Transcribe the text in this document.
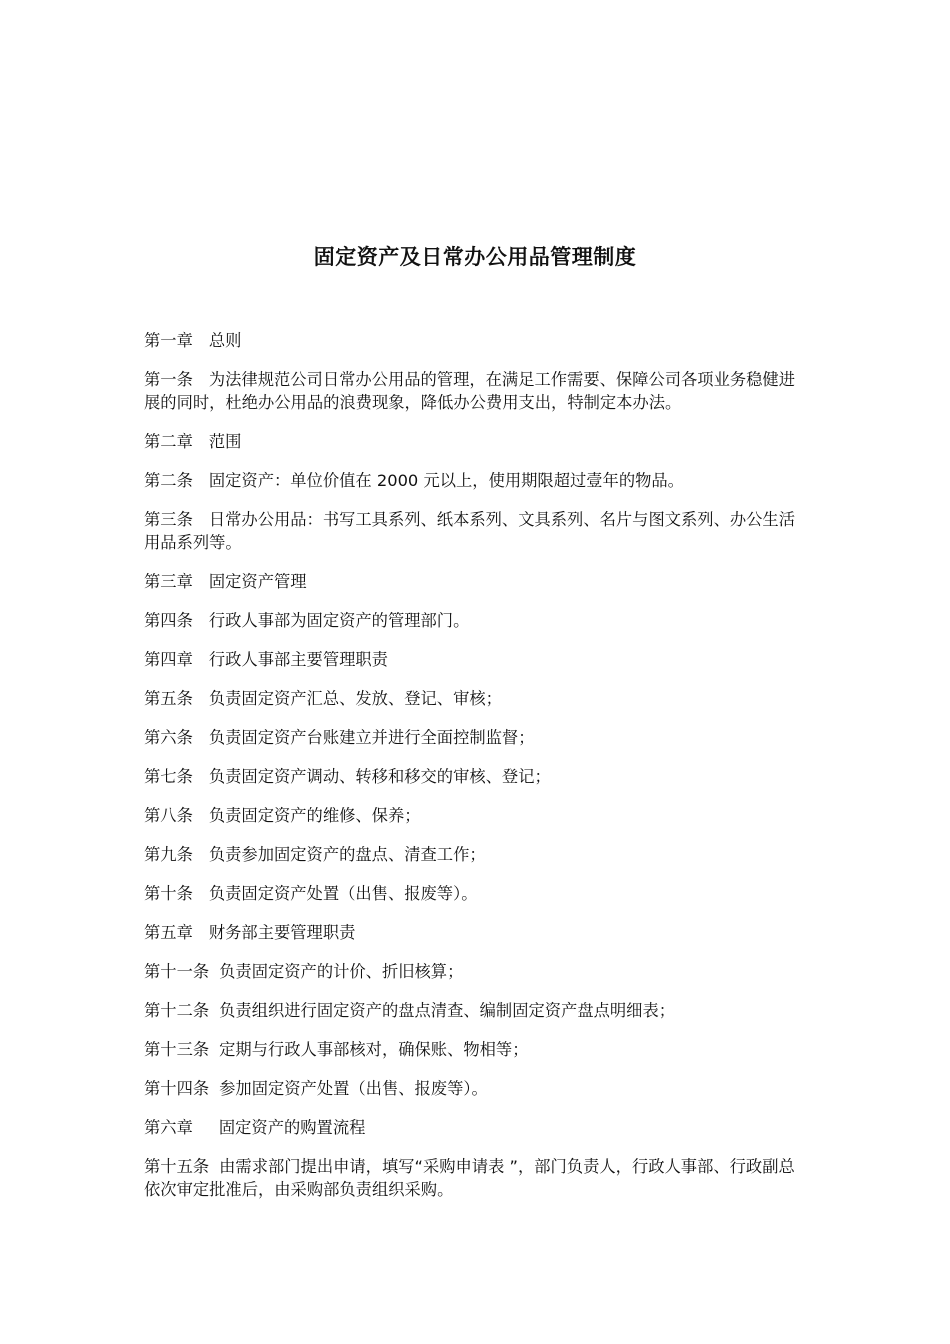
固定资产及日常办公用品管理制度

第一章 总则

第一条 为法律规范公司日常办公用品的管理，在满足工作需要、保障公司各项业务稳健进展的同时，杜绝办公用品的浪费现象，降低办公费用支出，特制定本办法。

第二章 范围

第二条 固定资产：单位价值在 2000 元以上，使用期限超过壹年的物品。

第三条 日常办公用品：书写工具系列、纸本系列、文具系列、名片与图文系列、办公生活用品系列等。

第三章 固定资产管理

第四条 行政人事部为固定资产的管理部门。

第四章 行政人事部主要管理职责

第五条 负责固定资产汇总、发放、登记、审核；

第六条 负责固定资产台账建立并进行全面控制监督；

第七条 负责固定资产调动、转移和移交的审核、登记；

第八条 负责固定资产的维修、保养；

第九条 负责参加固定资产的盘点、清查工作；

第十条 负责固定资产处置（出售、报废等）。

第五章 财务部主要管理职责

第十一条 负责固定资产的计价、折旧核算；

第十二条 负责组织进行固定资产的盘点清查、编制固定资产盘点明细表；

第十三条 定期与行政人事部核对，确保账、物相等；

第十四条 参加固定资产处置（出售、报废等）。

第六章 固定资产的购置流程

第十五条 由需求部门提出申请，填写“采购申请表 ”，部门负责人，行政人事部、行政副总依次审定批准后，由采购部负责组织采购。
